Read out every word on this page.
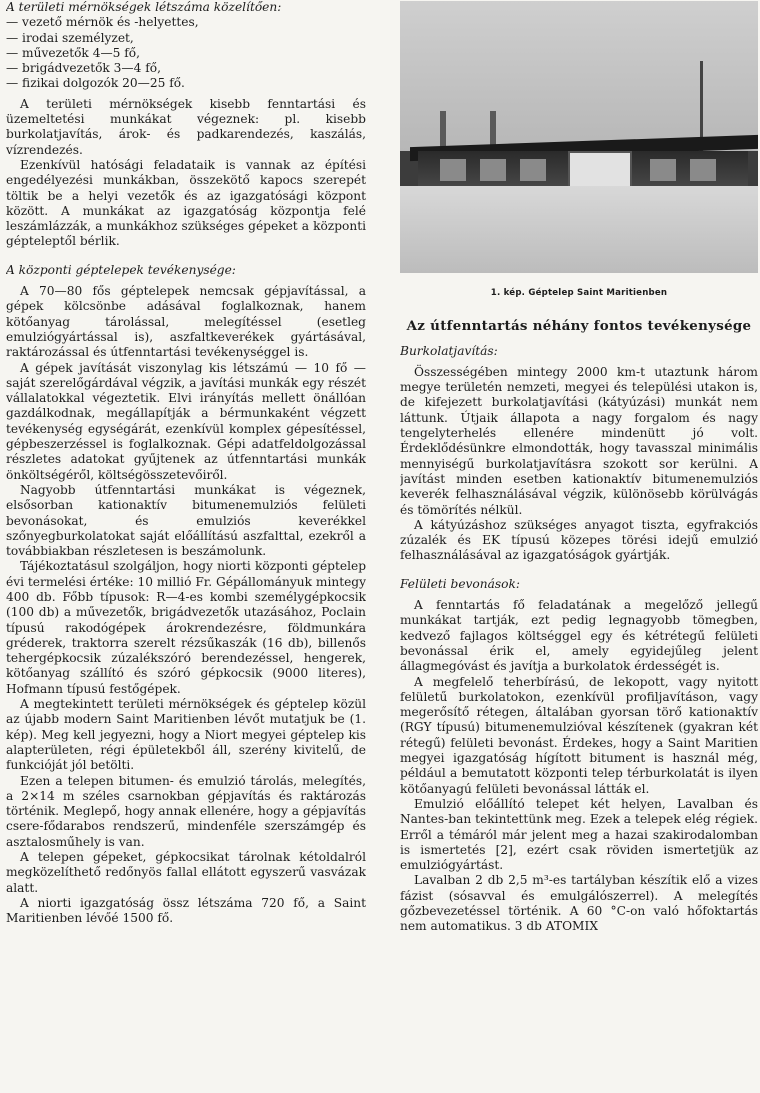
A területi mérnökségek létszáma közelítően:

— vezető mérnök és -helyettes,
— irodai személyzet,
— művezetők 4—5 fő,
— brigádvezetők 3—4 fő,
— fizikai dolgozók 20—25 fő.

A területi mérnökségek kisebb fenntartási és üzemeltetési munkákat végeznek: pl. kisebb burkolatjavítás, árok- és padkarendezés, kaszálás, vízrendezés.

Ezenkívül hatósági feladataik is vannak az építési engedélyezési munkákban, összekötő kapocs szerepét töltik be a helyi vezetők és az igazgatósági központ között. A munkákat az igazgatóság központja felé leszámlázzák, a munkákhoz szükséges gépeket a központi gépteleptől bérlik.

A központi géptelepek tevékenysége:

A 70—80 fős géptelepek nemcsak gépjavítással, a gépek kölcsönbe adásával foglalkoznak, hanem kötőanyag tárolással, melegítéssel (esetleg emulziógyártással is), aszfaltkeverékek gyártásával, raktározással és útfenntartási tevékenységgel is.

A gépek javítását viszonylag kis létszámú — 10 fő — saját szerelőgárdával végzik, a javítási munkák egy részét vállalatokkal végeztetik. Elvi irányítás mellett önállóan gazdálkodnak, megállapítják a bérmunkaként végzett tevékenység egységárát, ezenkívül komplex gépesítéssel, gépbeszerzéssel is foglalkoznak. Gépi adatfeldolgozással részletes adatokat gyűjtenek az útfenntartási munkák önköltségéről, költségösszetevőiről.

Nagyobb útfenntartási munkákat is végeznek, elsősorban kationaktív bitumenemulziós felületi bevonásokat, és emulziós keverékkel szőnyegburkolatokat saját előállítású aszfalttal, ezekről a továbbiakban részletesen is beszámolunk.

Tájékoztatásul szolgáljon, hogy niorti központi géptelep évi termelési értéke: 10 millió Fr. Gépállományuk mintegy 400 db. Főbb típusok: R—4-es kombi személygépkocsik (100 db) a művezetők, brigádvezetők utazásához, Poclain típusú rakodógépek árokrendezésre, földmunkára gréderek, traktorra szerelt rézsűkaszák (16 db), billenős tehergépkocsik zúzalékszóró berendezéssel, hengerek, kötőanyag szállító és szóró gépkocsik (9000 literes), Hofmann típusú festőgépek.

A megtekintett területi mérnökségek és géptelep közül az újabb modern Saint Maritienben lévőt mutatjuk be (1. kép). Meg kell jegyezni, hogy a Niort megyei géptelep kis alapterületen, régi épületekből áll, szerény kivitelű, de funkcióját jól betölti.

Ezen a telepen bitumen- és emulzió tárolás, melegítés, a 2×14 m széles csarnokban gépjavítás és raktározás történik. Meglepő, hogy annak ellenére, hogy a gépjavítás csere-fődarabos rendszerű, mindenféle szerszámgép és asztalosműhely is van.

A telepen gépeket, gépkocsikat tárolnak kétoldalról megközelíthető redőnyös fallal ellátott egyszerű vasvázak alatt.

A niorti igazgatóság össz létszáma 720 fő, a Saint Maritienben lévőé 1500 fő.

1. kép. Géptelep Saint Maritienben
Az útfenntartás néhány fontos tevékenysége

Burkolatjavítás:

Összességében mintegy 2000 km-t utaztunk három megye területén nemzeti, megyei és települési utakon is, de kifejezett burkolatjavítási (kátyúzási) munkát nem láttunk. Útjaik állapota a nagy forgalom és nagy tengelyterhelés ellenére mindenütt jó volt. Érdeklődésünkre elmondották, hogy tavasszal minimális mennyiségű burkolatjavításra szokott sor kerülni. A javítást minden esetben kationaktív bitumenemulziós keverék felhasználásával végzik, különösebb körülvágás és tömörítés nélkül.

A kátyúzáshoz szükséges anyagot tiszta, egyfrakciós zúzalék és EK típusú közepes törési idejű emulzió felhasználásával az igazgatóságok gyártják.

Felületi bevonások:

A fenntartás fő feladatának a megelőző jellegű munkákat tartják, ezt pedig legnagyobb tömegben, kedvező fajlagos költséggel egy és kétrétegű felületi bevonással érik el, amely egyidejűleg jelent állagmegóvást és javítja a burkolatok érdességét is.

A megfelelő teherbírású, de lekopott, vagy nyitott felületű burkolatokon, ezenkívül profiljavításon, vagy megerősítő rétegen, általában gyorsan törő kationaktív (RGY típusú) bitumenemulzióval készítenek (gyakran két rétegű) felületi bevonást. Érdekes, hogy a Saint Maritien megyei igazgatóság hígított bitument is használ még, például a bemutatott központi telep térburkolatát is ilyen kötőanyagú felületi bevonással látták el.

Emulzió előállító telepet két helyen, Lavalban és Nantes-ban tekintettünk meg. Ezek a telepek elég régiek. Erről a témáról már jelent meg a hazai szakirodalomban is ismertetés [2], ezért csak röviden ismertetjük az emulziógyártást.

Lavalban 2 db 2,5 m³-es tartályban készítik elő a vizes fázist (sósavval és emulgálószerrel). A melegítés gőzbevezetéssel történik. A 60 °C-on való hőfoktartás nem automatikus. 3 db ATOMIX
